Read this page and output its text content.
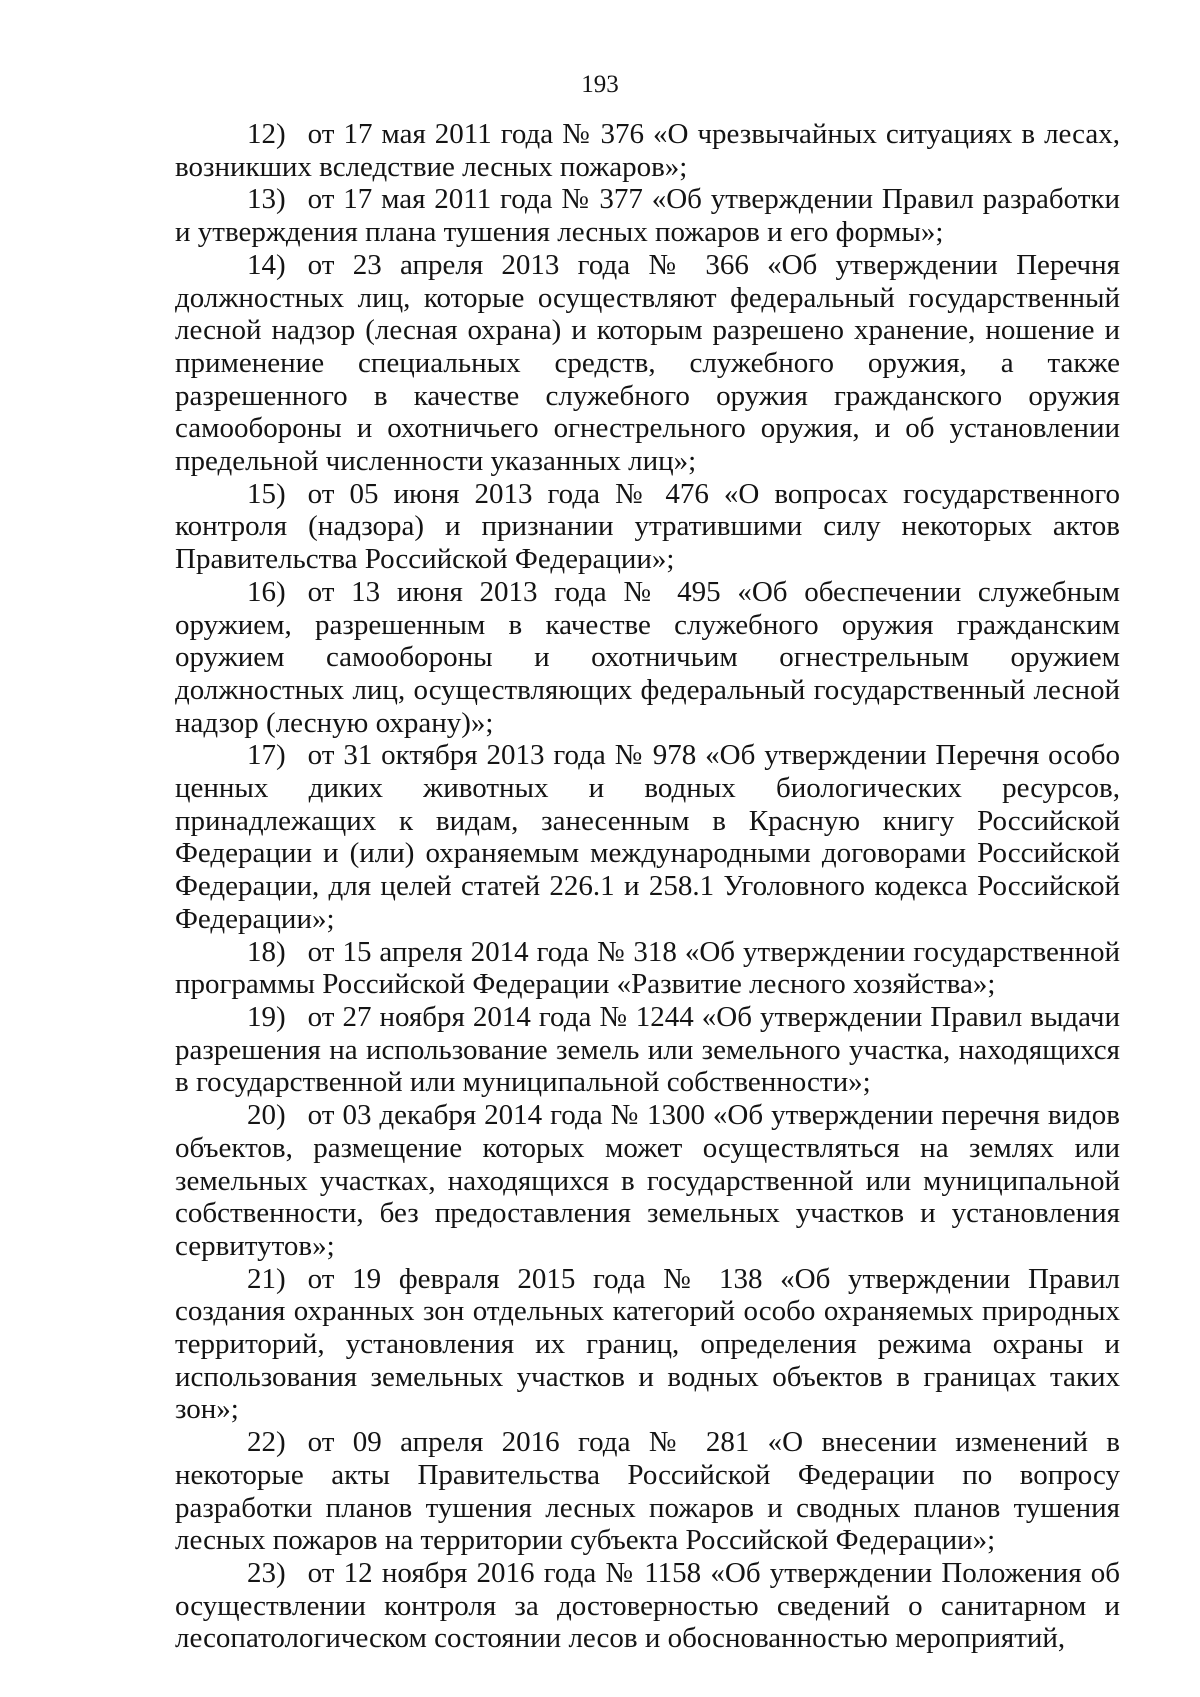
193

12) от 17 мая 2011 года № 376 «О чрезвычайных ситуациях в лесах, возникших вследствие лесных пожаров»;

13) от 17 мая 2011 года № 377 «Об утверждении Правил разработки и утверждения плана тушения лесных пожаров и его формы»;

14) от 23 апреля 2013 года № 366 «Об утверждении Перечня должностных лиц, которые осуществляют федеральный государственный лесной надзор (лесная охрана) и которым разрешено хранение, ношение и применение специальных средств, служебного оружия, а также разрешенного в качестве служебного оружия гражданского оружия самообороны и охотничьего огнестрельного оружия, и об установлении предельной численности указанных лиц»;

15) от 05 июня 2013 года № 476 «О вопросах государственного контроля (надзора) и признании утратившими силу некоторых актов Правительства Российской Федерации»;

16) от 13 июня 2013 года № 495 «Об обеспечении служебным оружием, разрешенным в качестве служебного оружия гражданским оружием самообороны и охотничьим огнестрельным оружием должностных лиц, осуществляющих федеральный государственный лесной надзор (лесную охрану)»;

17) от 31 октября 2013 года № 978 «Об утверждении Перечня особо ценных диких животных и водных биологических ресурсов, принадлежащих к видам, занесенным в Красную книгу Российской Федерации и (или) охраняемым международными договорами Российской Федерации, для целей статей 226.1 и 258.1 Уголовного кодекса Российской Федерации»;

18) от 15 апреля 2014 года № 318 «Об утверждении государственной программы Российской Федерации «Развитие лесного хозяйства»;

19) от 27 ноября 2014 года № 1244 «Об утверждении Правил выдачи разрешения на использование земель или земельного участка, находящихся в государственной или муниципальной собственности»;

20) от 03 декабря 2014 года № 1300 «Об утверждении перечня видов объектов, размещение которых может осуществляться на землях или земельных участках, находящихся в государственной или муниципальной собственности, без предоставления земельных участков и установления сервитутов»;

21) от 19 февраля 2015 года № 138 «Об утверждении Правил создания охранных зон отдельных категорий особо охраняемых природных территорий, установления их границ, определения режима охраны и использования земельных участков и водных объектов в границах таких зон»;

22) от 09 апреля 2016 года № 281 «О внесении изменений в некоторые акты Правительства Российской Федерации по вопросу разработки планов тушения лесных пожаров и сводных планов тушения лесных пожаров на территории субъекта Российской Федерации»;

23) от 12 ноября 2016 года № 1158 «Об утверждении Положения об осуществлении контроля за достоверностью сведений о санитарном и лесопатологическом состоянии лесов и обоснованностью мероприятий,
